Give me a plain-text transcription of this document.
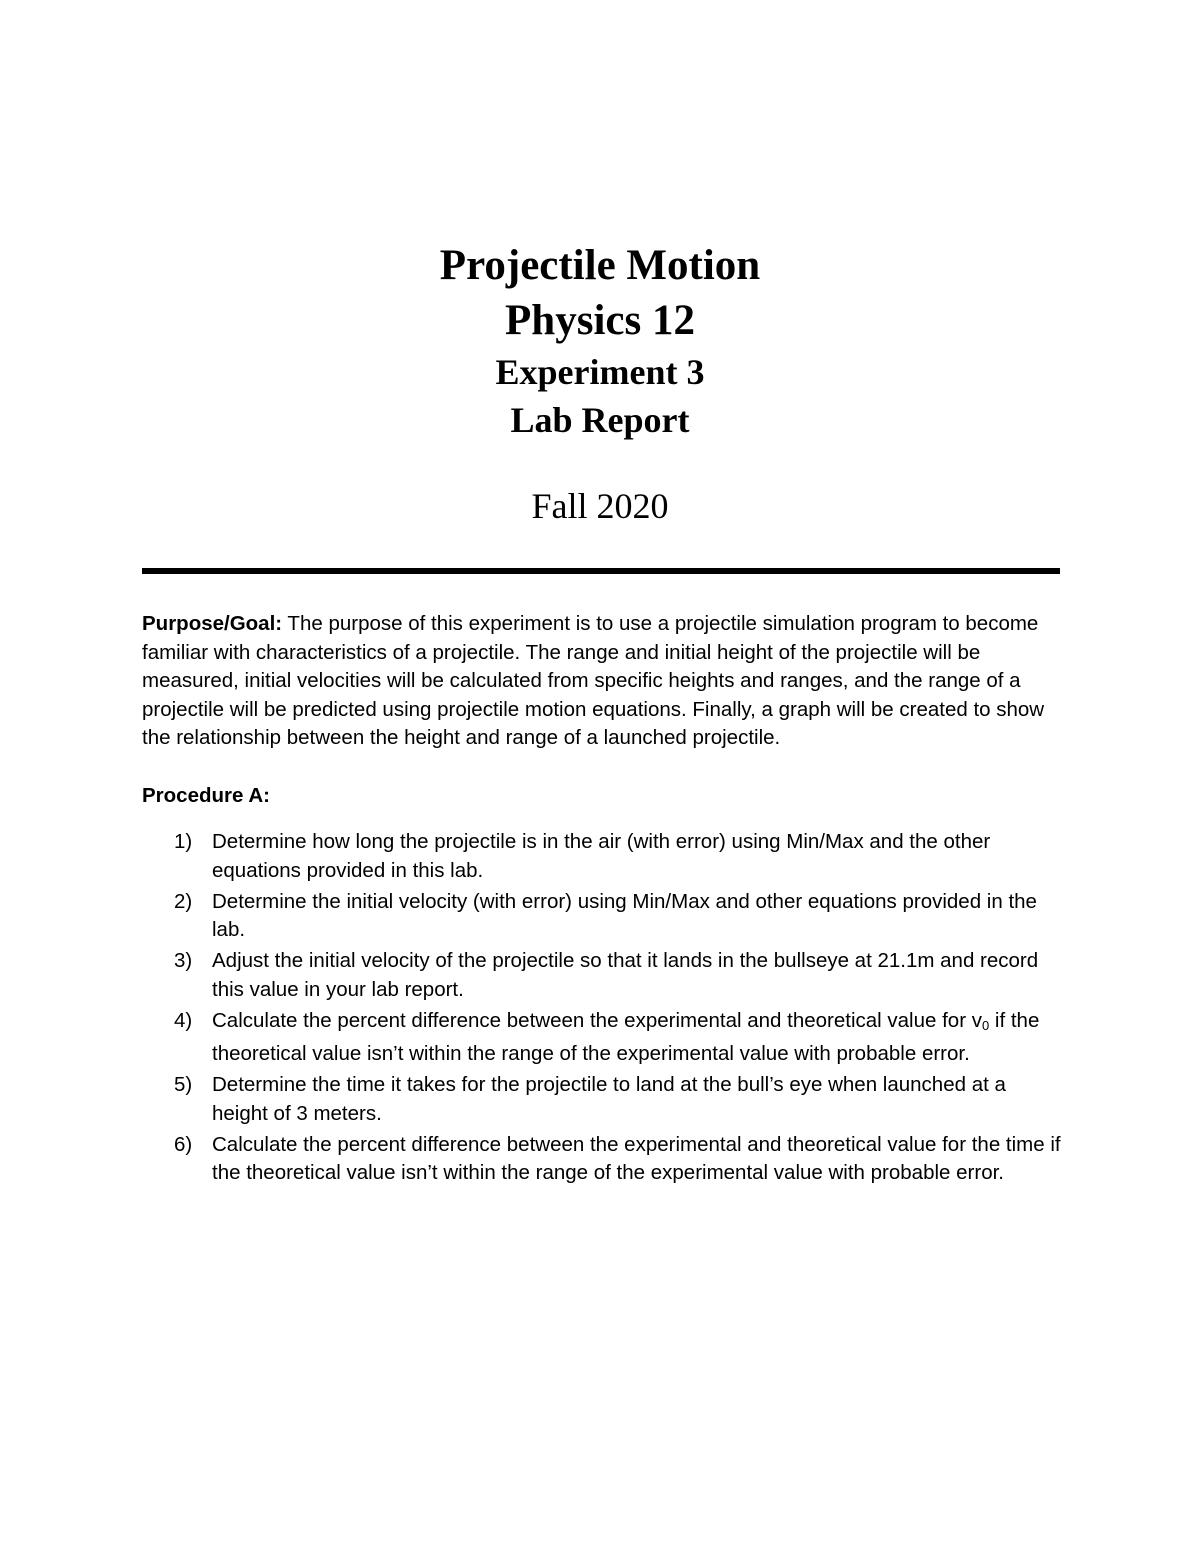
Projectile Motion
Physics 12
Experiment 3
Lab Report
Fall 2020

Purpose/Goal: The purpose of this experiment is to use a projectile simulation program to become familiar with characteristics of a projectile. The range and initial height of the projectile will be measured, initial velocities will be calculated from specific heights and ranges, and the range of a projectile will be predicted using projectile motion equations. Finally, a graph will be created to show the relationship between the height and range of a launched projectile.

Procedure A:

1) Determine how long the projectile is in the air (with error) using Min/Max and the other equations provided in this lab.
2) Determine the initial velocity (with error) using Min/Max and other equations provided in the lab.
3) Adjust the initial velocity of the projectile so that it lands in the bullseye at 21.1m and record this value in your lab report.
4) Calculate the percent difference between the experimental and theoretical value for $v_0$ if the theoretical value isn’t within the range of the experimental value with probable error.
5) Determine the time it takes for the projectile to land at the bull’s eye when launched at a height of 3 meters.
6) Calculate the percent difference between the experimental and theoretical value for the time if the theoretical value isn’t within the range of the experimental value with probable error.
